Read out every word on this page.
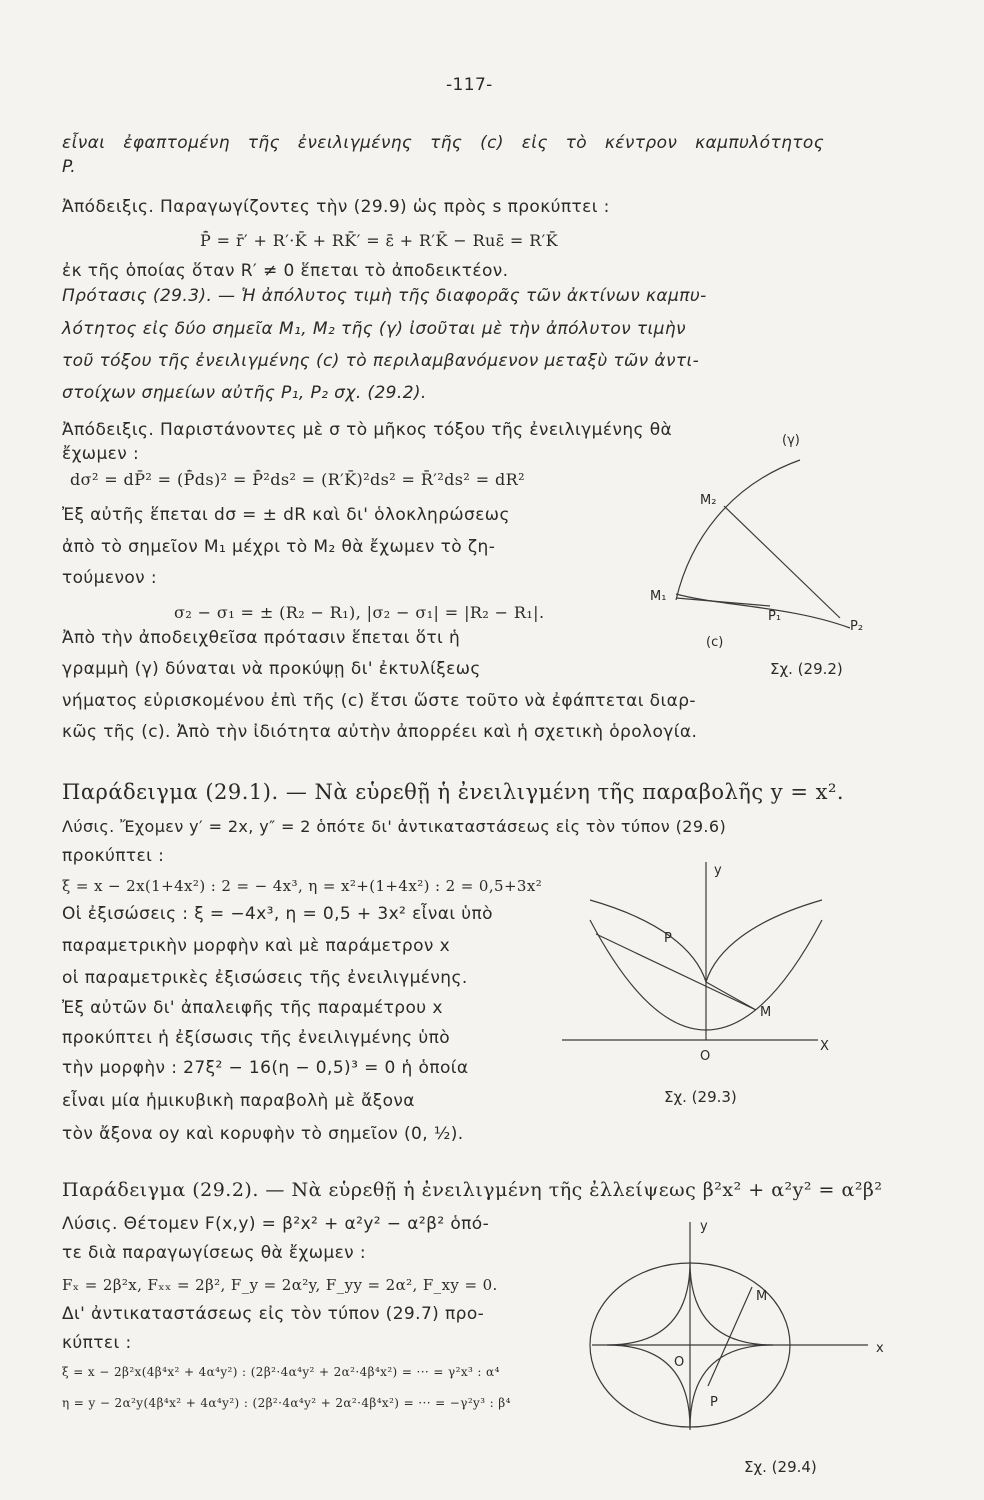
-117-
εἶναι ἐφαπτομένη τῆς ἐνειλιγμένης τῆς (c) εἰς τὸ κέντρον καμπυλότητος
P.
Ἀπόδειξις. Παραγωγίζοντες τὴν (29.9) ὡς πρὸς s προκύπτει :
P̄̇ = r̄′ + R′·K̄ + RK̄′ = ε̄ + R′K̄ − Ruε̄ = R′K̄
ἐκ τῆς ὁποίας ὅταν R′ ≠ 0 ἕπεται τὸ ἀποδεικτέον.
Πρότασις (29.3). — Ἡ ἀπόλυτος τιμὴ τῆς διαφορᾶς τῶν ἀκτίνων καμπυ-
λότητος εἰς δύο σημεῖα M₁, M₂ τῆς (γ) ἰσοῦται μὲ τὴν ἀπόλυτον τιμὴν
τοῦ τόξου τῆς ἐνειλιγμένης (c) τὸ περιλαμβανόμενον μεταξὺ τῶν ἀντι-
στοίχων σημείων αὐτῆς P₁, P₂ σχ. (29.2).
Ἀπόδειξις. Παριστάνοντες μὲ σ τὸ μῆκος τόξου τῆς ἐνειλιγμένης θὰ
ἔχωμεν :
dσ² = dP̄² = (P̄̇ds)² = P̄̇²ds² = (R′K̄)²ds² = R̄′²ds² = dR²
Ἐξ αὐτῆς ἕπεται dσ = ± dR καὶ δι' ὁλοκληρώσεως
ἀπὸ τὸ σημεῖον M₁ μέχρι τὸ M₂ θὰ ἔχωμεν τὸ ζη-
τούμενον :
σ₂ − σ₁ = ± (R₂ − R₁), |σ₂ − σ₁| = |R₂ − R₁|.
Ἀπὸ τὴν ἀποδειχθεῖσα πρότασιν ἕπεται ὅτι ἡ
γραμμὴ (γ) δύναται νὰ προκύψῃ δι' ἐκτυλίξεως
νήματος εὑρισκομένου ἐπὶ τῆς (c) ἔτσι ὥστε τοῦτο νὰ ἐφάπτεται διαρ-
κῶς τῆς (c). Ἀπὸ τὴν ἰδιότητα αὐτὴν ἀπορρέει καὶ ἡ σχετικὴ ὁρολογία.
Παράδειγμα (29.1). — Νὰ εὑρεθῇ ἡ ἐνειλιγμένη τῆς παραβολῆς y = x².
Λύσις. Ἔχομεν y′ = 2x, y″ = 2 ὁπότε δι' ἀντικαταστάσεως εἰς τὸν τύπον (29.6)
προκύπτει :
ξ = x − 2x(1+4x²) : 2 = − 4x³, η = x²+(1+4x²) : 2 = 0,5+3x²
Οἱ ἐξισώσεις : ξ = −4x³, η = 0,5 + 3x² εἶναι ὑπὸ
παραμετρικὴν μορφὴν καὶ μὲ παράμετρον x
οἱ παραμετρικὲς ἐξισώσεις τῆς ἐνειλιγμένης.
Ἐξ αὐτῶν δι' ἀπαλειφῆς τῆς παραμέτρου x
προκύπτει ἡ ἐξίσωσις τῆς ἐνειλιγμένης ὑπὸ
τὴν μορφὴν : 27ξ² − 16(η − 0,5)³ = 0 ἡ ὁποία
εἶναι μία ἡμικυβικὴ παραβολὴ μὲ ἄξονα
τὸν ἄξονα oy καὶ κορυφὴν τὸ σημεῖον (0, ½).
Παράδειγμα (29.2). — Νὰ εὑρεθῇ ἡ ἐνειλιγμένη τῆς ἐλλείψεως β²x² + α²y² = α²β²
Λύσις. Θέτομεν F(x,y) = β²x² + α²y² − α²β² ὁπό-
τε διὰ παραγωγίσεως θὰ ἔχωμεν :
Fₓ = 2β²x, Fₓₓ = 2β², F_y = 2α²y, F_yy = 2α², F_xy = 0.
Δι' ἀντικαταστάσεως εἰς τὸν τύπον (29.7) προ-
κύπτει :
ξ = x − 2β²x(4β⁴x² + 4α⁴y²) : (2β²·4α⁴y² + 2α²·4β⁴x²) = ··· = γ²x³ : α⁴
η = y − 2α²y(4β⁴x² + 4α⁴y²) : (2β²·4α⁴y² + 2α²·4β⁴x²) = ··· = −γ²y³ : β⁴
(γ)
M₂
M₁
P₁
P₂
(c)
Σχ. (29.2)
y
X
P
M
O
Σχ. (29.3)
y
x
M
O
P
Σχ. (29.4)
